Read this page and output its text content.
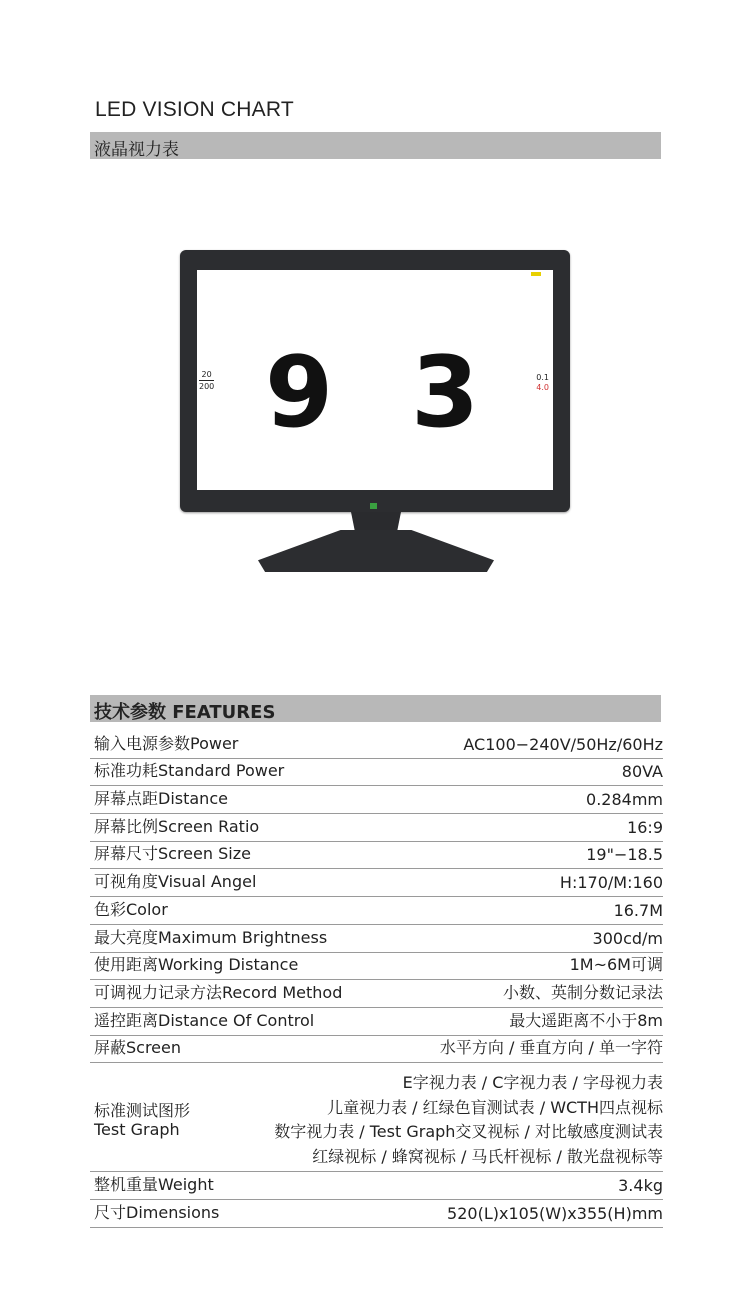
LED VISION CHART
液晶视力表
20
200 9 3	0.1
4.0
技术参数 FEATURES
输入电源参数Power	AC100−240V/50Hz/60Hz
标准功耗Standard Power	80VA
屏幕点距Distance	0.284mm
屏幕比例Screen Ratio	16:9
屏幕尺寸Screen Size	19"−18.5
可视角度Visual Angel	H:170/M:160
色彩Color	16.7M
最大亮度Maximum Brightness	300cd/m
使用距离Working Distance	1M~6M可调
可调视力记录方法Record Method	小数、英制分数记录法
遥控距离Distance Of Control	最大遥距离不小于8m
屏蔽Screen	水平方向 / 垂直方向 / 单一字符
标准测试图形
Test Graph
E字视力表 / C字视力表 / 字母视力表
儿童视力表 / 红绿色盲测试表 / WCTH四点视标
数字视力表 / Test Graph交叉视标 / 对比敏感度测试表
红绿视标 / 蜂窝视标 / 马氏杆视标 / 散光盘视标等
整机重量Weight	3.4kg
尺寸Dimensions	520(L)x105(W)x355(H)mm
